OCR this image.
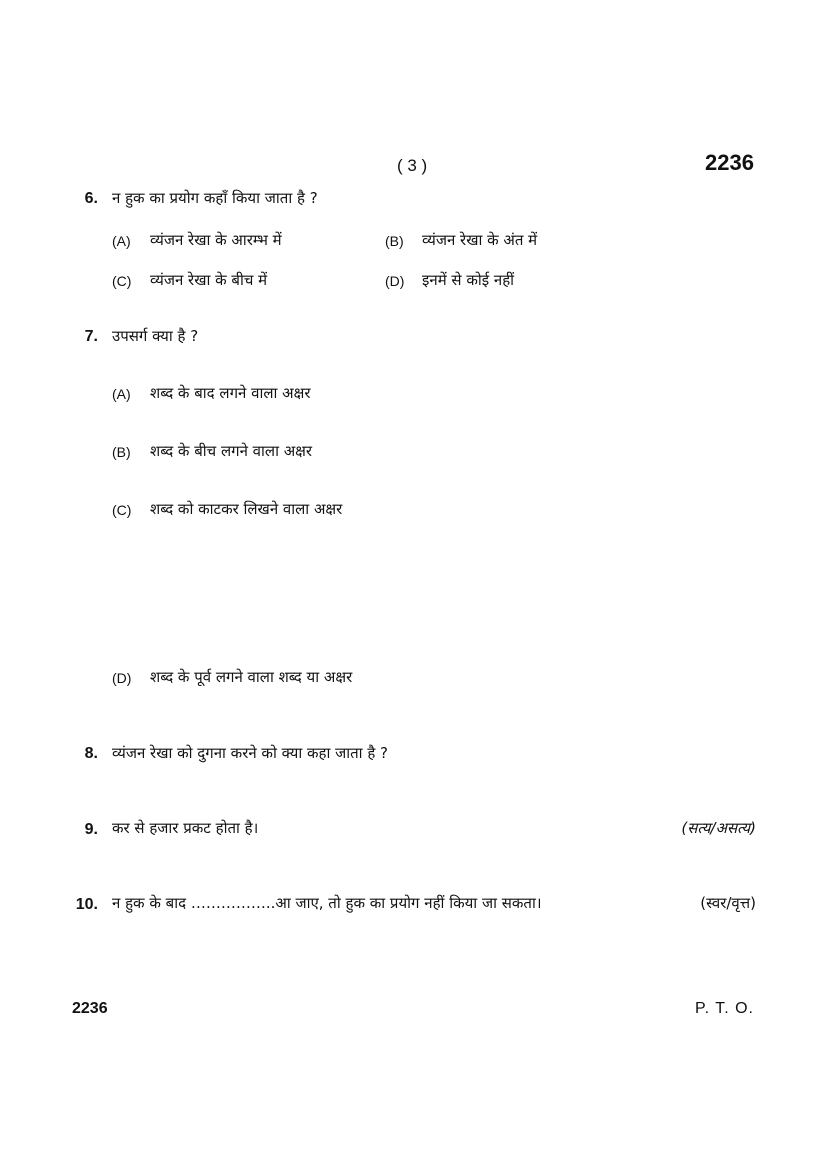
( 3 )	2236
6. न हुक का प्रयोग कहाँ किया जाता है ?
(A) व्यंजन रेखा के आरम्भ में	(B) व्यंजन रेखा के अंत में
(C) व्यंजन रेखा के बीच में	(D) इनमें से कोई नहीं
7. उपसर्ग क्या है ?
(A) शब्द के बाद लगने वाला अक्षर
(B) शब्द के बीच लगने वाला अक्षर
(C) शब्द को काटकर लिखने वाला अक्षर
(D) शब्द के पूर्व लगने वाला शब्द या अक्षर
8. व्यंजन रेखा को दुगना करने को क्या कहा जाता है ?
9. कर से हजार प्रकट होता है।	(सत्य/असत्य)
10. न हुक के बाद ……………..आ जाए, तो हुक का प्रयोग नहीं किया जा सकता।	(स्वर/वृत्त)
2236	P. T. O.
